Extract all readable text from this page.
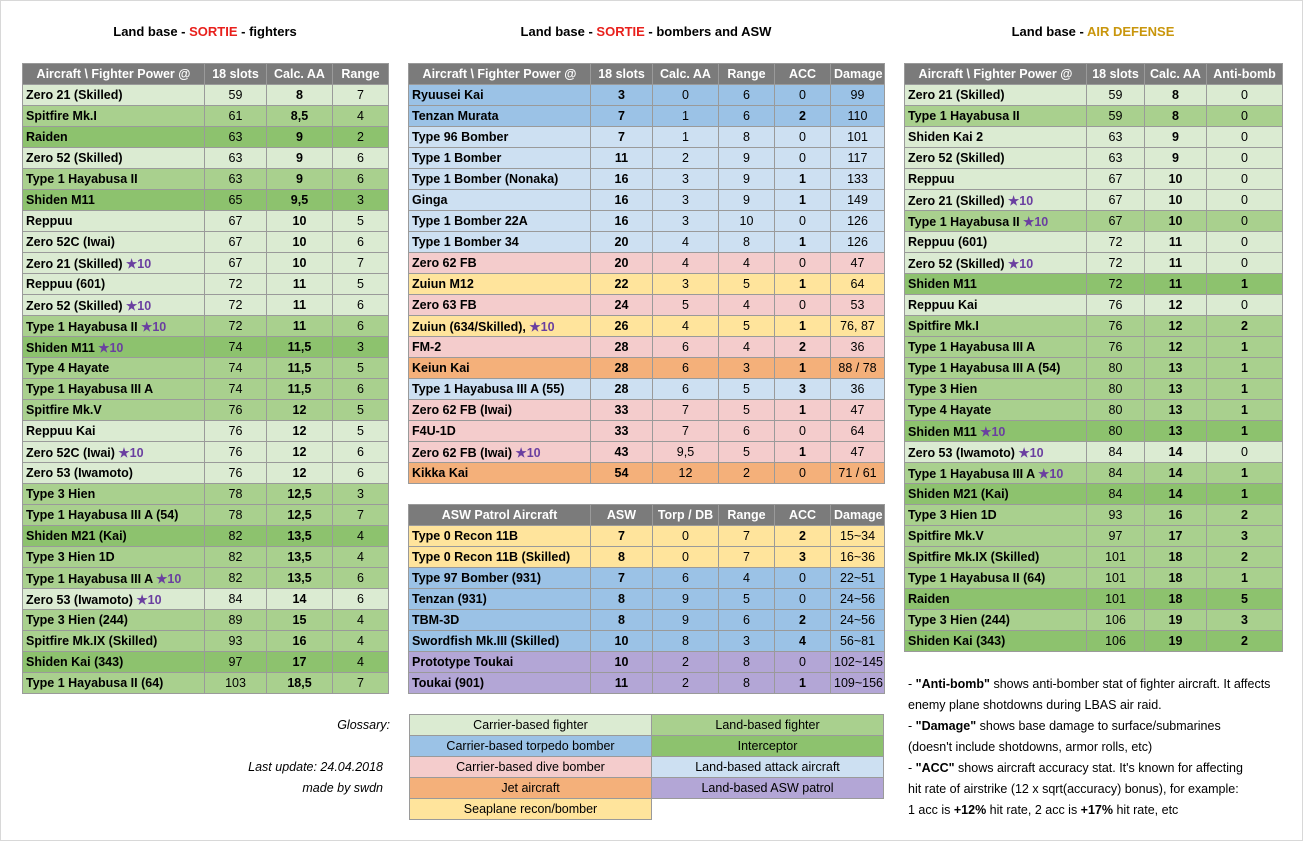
Land base - SORTIE - fighters	Land base - SORTIE - bombers and ASW	Land base - AIR DEFENSE
Aircraft \ Fighter Power @	18 slots	Calc. AA	Range
Zero 21 (Skilled)	59	8	7
Spitfire Mk.I	61	8,5	4
Raiden	63	9	2
Zero 52 (Skilled)	63	9	6
Type 1 Hayabusa II	63	9	6
Shiden M11	65	9,5	3
Reppuu	67	10	5
Zero 52C (Iwai)	67	10	6
Zero 21 (Skilled) ★10	67	10	7
Reppuu (601)	72	11	5
Zero 52 (Skilled) ★10	72	11	6
Type 1 Hayabusa II ★10	72	11	6
Shiden M11 ★10	74	11,5	3
Type 4 Hayate	74	11,5	5
Type 1 Hayabusa III A	74	11,5	6
Spitfire Mk.V	76	12	5
Reppuu Kai	76	12	5
Zero 52C (Iwai) ★10	76	12	6
Zero 53 (Iwamoto)	76	12	6
Type 3 Hien	78	12,5	3
Type 1 Hayabusa III A (54)	78	12,5	7
Shiden M21 (Kai)	82	13,5	4
Type 3 Hien 1D	82	13,5	4
Type 1 Hayabusa III A ★10	82	13,5	6
Zero 53 (Iwamoto) ★10	84	14	6
Type 3 Hien (244)	89	15	4
Spitfire Mk.IX (Skilled)	93	16	4
Shiden Kai (343)	97	17	4
Type 1 Hayabusa II (64)	103	18,5	7
Aircraft \ Fighter Power @	18 slots	Calc. AA	Range	ACC	Damage
Ryuusei Kai	3	0	6	0	99
Tenzan Murata	7	1	6	2	110
Type 96 Bomber	7	1	8	0	101
Type 1 Bomber	11	2	9	0	117
Type 1 Bomber (Nonaka)	16	3	9	1	133
Ginga	16	3	9	1	149
Type 1 Bomber 22A	16	3	10	0	126
Type 1 Bomber 34	20	4	8	1	126
Zero 62 FB	20	4	4	0	47
Zuiun M12	22	3	5	1	64
Zero 63 FB	24	5	4	0	53
Zuiun (634/Skilled), ★10	26	4	5	1	76, 87
FM-2	28	6	4	2	36
Keiun Kai	28	6	3	1	88 / 78
Type 1 Hayabusa III A (55)	28	6	5	3	36
Zero 62 FB (Iwai)	33	7	5	1	47
F4U-1D	33	7	6	0	64
Zero 62 FB (Iwai) ★10	43	9,5	5	1	47
Kikka Kai	54	12	2	0	71 / 61
ASW Patrol Aircraft	ASW	Torp / DB	Range	ACC	Damage
Type 0 Recon 11B	7	0	7	2	15~34
Type 0 Recon 11B (Skilled)	8	0	7	3	16~36
Type 97 Bomber (931)	7	6	4	0	22~51
Tenzan (931)	8	9	5	0	24~56
TBM-3D	8	9	6	2	24~56
Swordfish Mk.III (Skilled)	10	8	3	4	56~81
Prototype Toukai	10	2	8	0	102~145
Toukai (901)	11	2	8	1	109~156
Aircraft \ Fighter Power @	18 slots	Calc. AA	Anti-bomb
Zero 21 (Skilled)	59	8	0
Type 1 Hayabusa II	59	8	0
Shiden Kai 2	63	9	0
Zero 52 (Skilled)	63	9	0
Reppuu	67	10	0
Zero 21 (Skilled) ★10	67	10	0
Type 1 Hayabusa II ★10	67	10	0
Reppuu (601)	72	11	0
Zero 52 (Skilled) ★10	72	11	0
Shiden M11	72	11	1
Reppuu Kai	76	12	0
Spitfire Mk.I	76	12	2
Type 1 Hayabusa III A	76	12	1
Type 1 Hayabusa III A (54)	80	13	1
Type 3 Hien	80	13	1
Type 4 Hayate	80	13	1
Shiden M11 ★10	80	13	1
Zero 53 (Iwamoto) ★10	84	14	0
Type 1 Hayabusa III A ★10	84	14	1
Shiden M21 (Kai)	84	14	1
Type 3 Hien 1D	93	16	2
Spitfire Mk.V	97	17	3
Spitfire Mk.IX (Skilled)	101	18	2
Type 1 Hayabusa II (64)	101	18	1
Raiden	101	18	5
Type 3 Hien (244)	106	19	3
Shiden Kai (343)	106	19	2
Glossary:
Last update: 24.04.2018
made by swdn
Carrier-based fighter	Land-based fighter
Carrier-based torpedo bomber	Interceptor
Carrier-based dive bomber	Land-based attack aircraft
Jet aircraft	Land-based ASW patrol
Seaplane recon/bomber	
- "Anti-bomb" shows anti-bomber stat of fighter aircraft. It affects
enemy plane shotdowns during LBAS air raid.
- "Damage" shows base damage to surface/submarines
(doesn't include shotdowns, armor rolls, etc)
- "ACC" shows aircraft accuracy stat. It's known for affecting
hit rate of airstrike (12 x sqrt(accuracy) bonus), for example:
1 acc is +12% hit rate, 2 acc is +17% hit rate, etc
